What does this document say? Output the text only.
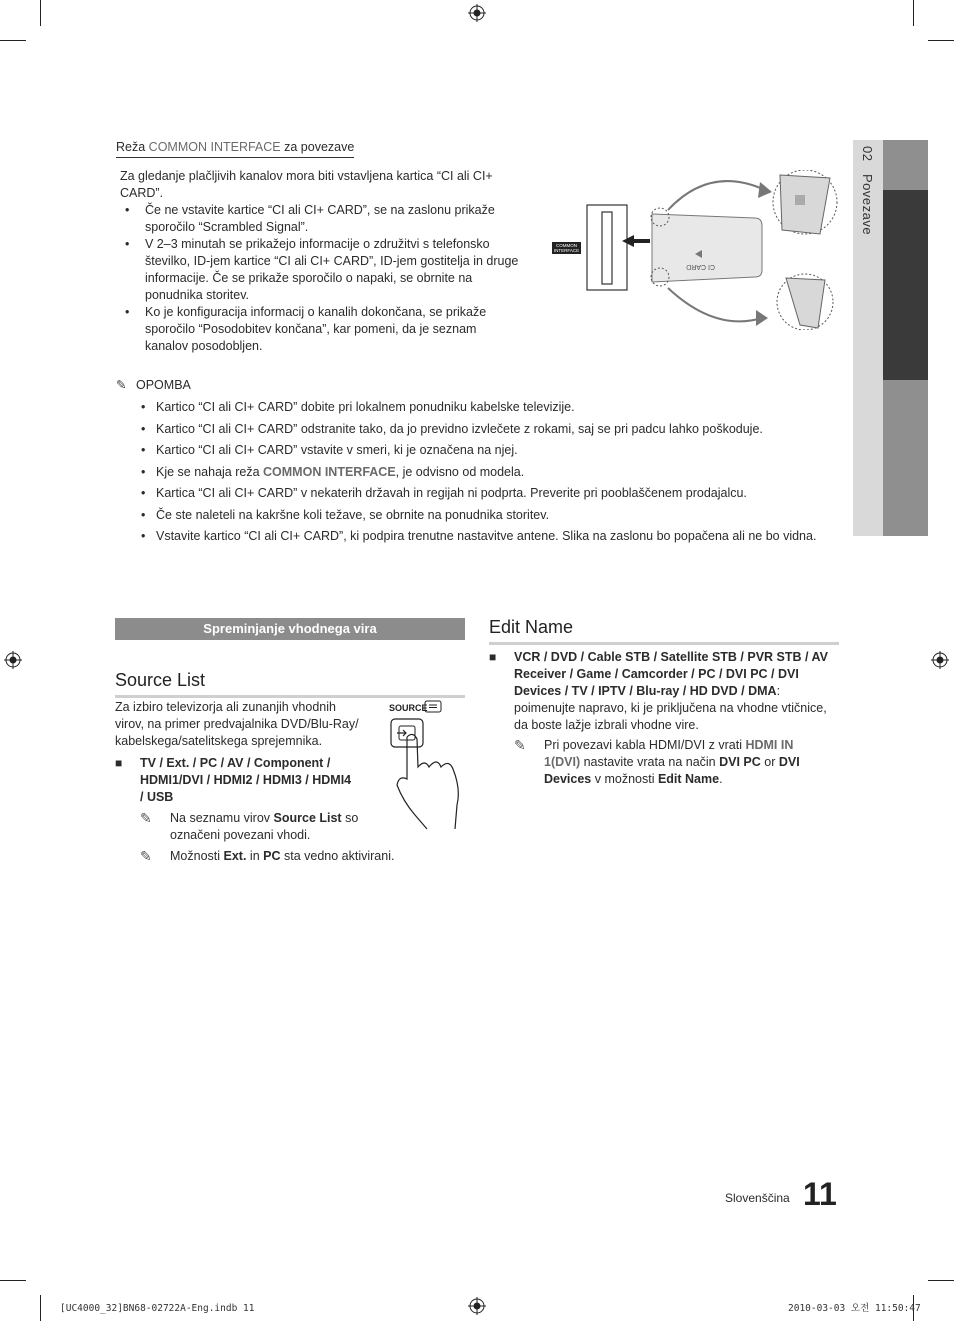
02 Povezave
Reža COMMON INTERFACE za povezave
Za gledanje plačljivih kanalov mora biti vstavljena kartica “CI ali CI+ CARD”.
• Če ne vstavite kartice “CI ali CI+ CARD”, se na zaslonu prikaže sporočilo “Scrambled Signal”.
• V 2–3 minutah se prikažejo informacije o združitvi s telefonsko številko, ID-jem kartice “CI ali CI+ CARD”, ID-jem gostitelja in druge informacije. Če se prikaže sporočilo o napaki, se obrnite na ponudnika storitev.
• Ko je konfiguracija informacij o kanalih dokončana, se prikaže sporočilo “Posodobitev končana”, kar pomeni, da je seznam kanalov posodobljen.
COMMON
INTERFACE
CI CARD
✎ OPOMBA
• Kartico “CI ali CI+ CARD” dobite pri lokalnem ponudniku kabelske televizije.
• Kartico “CI ali CI+ CARD” odstranite tako, da jo previdno izvlečete z rokami, saj se pri padcu lahko poškoduje.
• Kartico “CI ali CI+ CARD” vstavite v smeri, ki je označena na njej.
• Kje se nahaja reža COMMON INTERFACE, je odvisno od modela.
• Kartica “CI ali CI+ CARD” v nekaterih državah in regijah ni podprta. Preverite pri pooblaščenem prodajalcu.
• Če ste naleteli na kakršne koli težave, se obrnite na ponudnika storitev.
• Vstavite kartico “CI ali CI+ CARD”, ki podpira trenutne nastavitve antene. Slika na zaslonu bo popačena ali ne bo vidna.
Spreminjanje vhodnega vira
Source List
Za izbiro televizorja ali zunanjih vhodnih virov, na primer predvajalnika DVD/Blu-Ray/ kabelskega/satelitskega sprejemnika.
SOURCE
■ TV / Ext. / PC / AV / Component / HDMI1/DVI / HDMI2 / HDMI3 / HDMI4 / USB
✎ Na seznamu virov Source List so označeni povezani vhodi.
✎ Možnosti Ext. in PC sta vedno aktivirani.
Edit Name
■ VCR / DVD / Cable STB / Satellite STB / PVR STB / AV Receiver / Game / Camcorder / PC / DVI PC / DVI Devices / TV / IPTV / Blu-ray / HD DVD / DMA: poimenujte napravo, ki je priključena na vhodne vtičnice, da boste lažje izbrali vhodne vire.
✎ Pri povezavi kabla HDMI/DVI z vrati HDMI IN 1(DVI) nastavite vrata na način DVI PC or DVI Devices v možnosti Edit Name.
Slovenščina 11
[UC4000_32]BN68-02722A-Eng.indb 11	2010-03-03 오전 11:50:47
